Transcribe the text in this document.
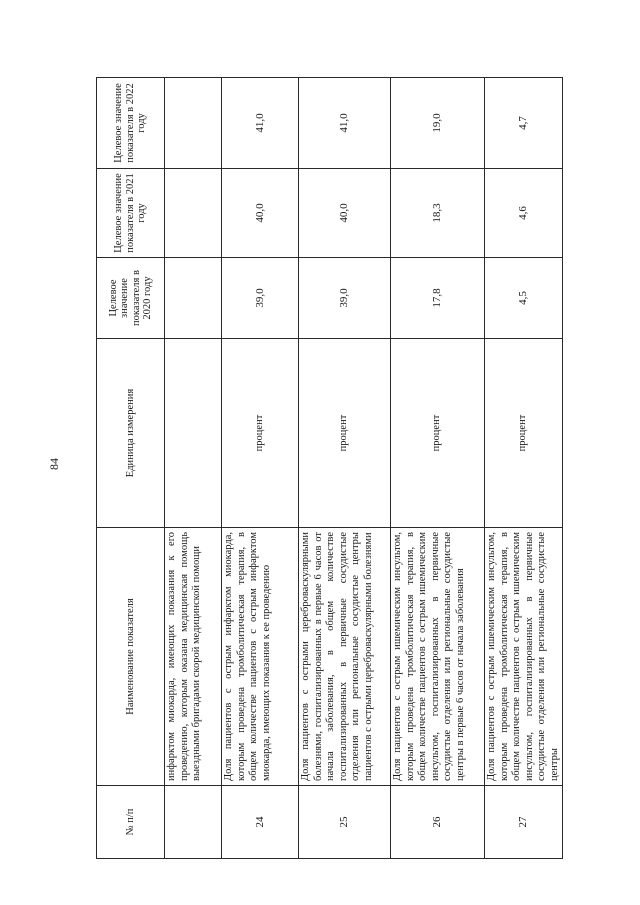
84
№ п/п	Наименование показателя	Единица измерения	Целевое значение показателя в 2020 году	Целевое значение показателя в 2021 году	Целевое значение показателя в 2022 году
	инфарктом миокарда, имеющих показания к его проведению, которым оказана медицинская помощь выездными бригадами скорой медицинской помощи				
24	Доля пациентов с острым инфарктом миокарда, которым проведена тромболитическая терапия, в общем количестве пациентов с острым инфарктом миокарда, имеющих показания к ее проведению	процент	39,0	40,0	41,0
25	Доля пациентов с острыми цереброваскулярными болезнями, госпитализированных в первые 6 часов от начала заболевания, в общем количестве госпитализированных в первичные сосудистые отделения или региональные сосудистые центры пациентов с острыми цереброваскулярными болезнями	процент	39,0	40,0	41,0
26	Доля пациентов с острым ишемическим инсультом, которым проведена тромболитическая терапия, в общем количестве пациентов с острым ишемическим инсультом, госпитализированных в первичные сосудистые отделения или региональные сосудистые центры в первые 6 часов от начала заболевания	процент	17,8	18,3	19,0
27	Доля пациентов с острым ишемическим инсультом, которым проведена тромболитическая терапия, в общем количестве пациентов с острым ишемическим инсультом, госпитализированных в первичные сосудистые отделения или региональные сосудистые центры	процент	4,5	4,6	4,7
